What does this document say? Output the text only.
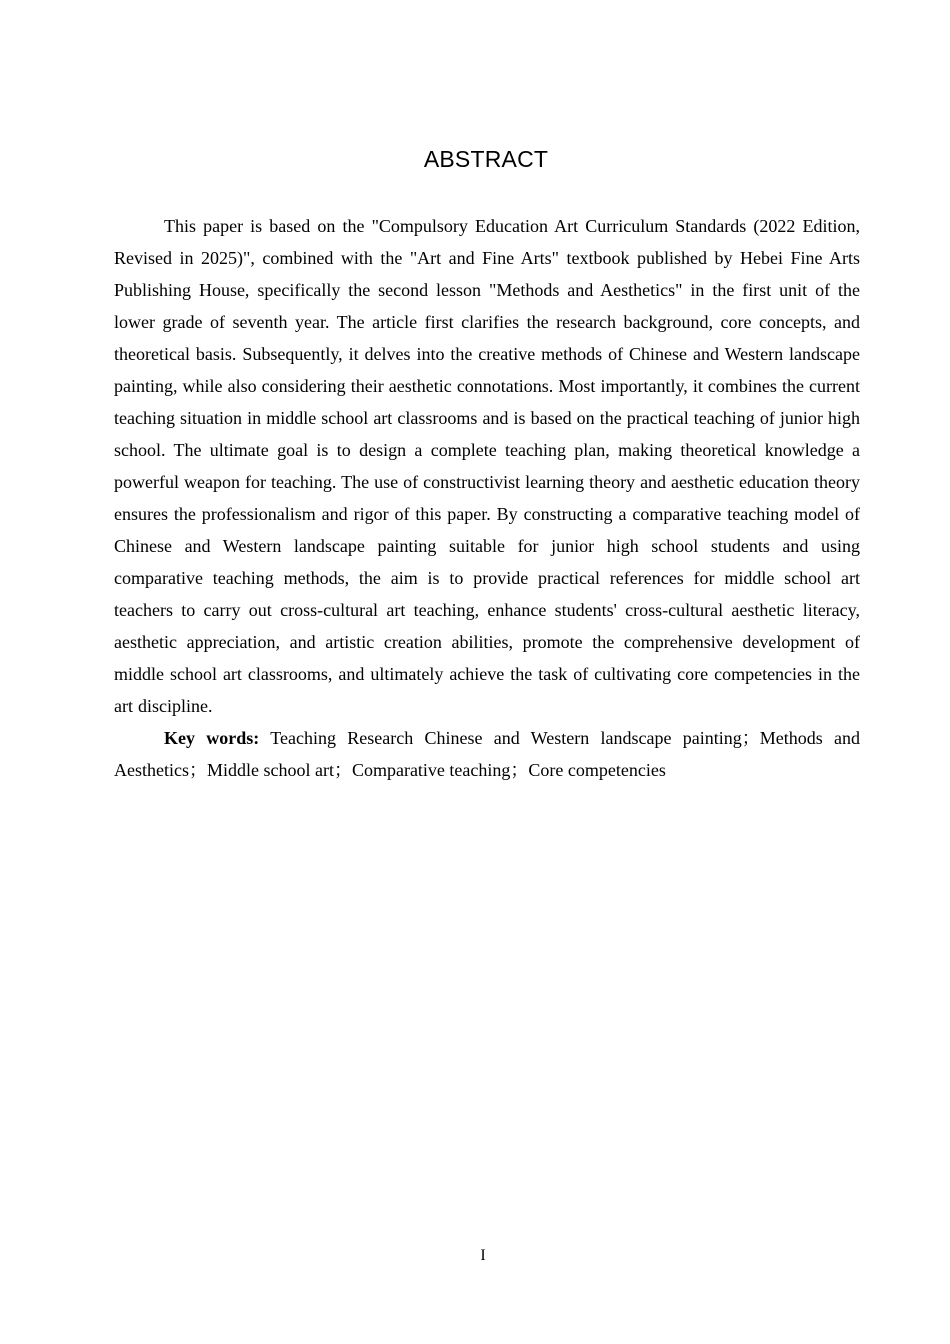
ABSTRACT

This paper is based on the "Compulsory Education Art Curriculum Standards (2022 Edition, Revised in 2025)", combined with the "Art and Fine Arts" textbook published by Hebei Fine Arts Publishing House, specifically the second lesson "Methods and Aesthetics" in the first unit of the lower grade of seventh year. The article first clarifies the research background, core concepts, and theoretical basis. Subsequently, it delves into the creative methods of Chinese and Western landscape painting, while also considering their aesthetic connotations. Most importantly, it combines the current teaching situation in middle school art classrooms and is based on the practical teaching of junior high school. The ultimate goal is to design a complete teaching plan, making theoretical knowledge a powerful weapon for teaching. The use of constructivist learning theory and aesthetic education theory ensures the professionalism and rigor of this paper. By constructing a comparative teaching model of Chinese and Western landscape painting suitable for junior high school students and using comparative teaching methods, the aim is to provide practical references for middle school art teachers to carry out cross-cultural art teaching, enhance students' cross-cultural aesthetic literacy, aesthetic appreciation, and artistic creation abilities, promote the comprehensive development of middle school art classrooms, and ultimately achieve the task of cultivating core competencies in the art discipline.

Key words: Teaching Research Chinese and Western landscape painting；Methods and Aesthetics；Middle school art；Comparative teaching；Core competencies

I
